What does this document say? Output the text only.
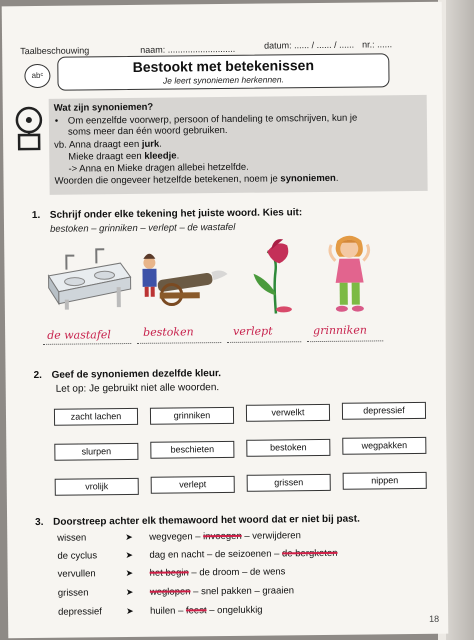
Taalbeschouwing	naam: ...........................	datum: ...... / ...... / ...... nr.: ......
abᶜ
Bestookt met betekenissen
Je leert synoniemen herkennen.
Wat zijn synoniemen?
• Om eenzelfde voorwerp, persoon of handeling te omschrijven, kun je
soms meer dan één woord gebruiken.
vb. Anna draagt een jurk.
Mieke draagt een kleedje.
-> Anna en Mieke dragen allebei hetzelfde.
Woorden die ongeveer hetzelfde betekenen, noem je synoniemen.
1. Schrijf onder elke tekening het juiste woord. Kies uit:
bestoken – grinniken – verlept – de wastafel
de wastafel	bestoken	verlept	grinniken
2. Geef de synoniemen dezelfde kleur.
Let op: Je gebruikt niet alle woorden.
zacht lachen	grinniken	verwelkt	depressief
slurpen	beschieten	bestoken	wegpakken
vrolijk	verlept	grissen	nippen
3. Doorstreep achter elk themawoord het woord dat er niet bij past.
wissen	➤ wegvegen – invoegen – verwijderen
de cyclus	➤ dag en nacht – de seizoenen – de bergketen
vervullen	➤ het begin – de droom – de wens
grissen	➤ weglopen – snel pakken – graaien
depressief	➤ huilen – feest – ongelukkig
18
